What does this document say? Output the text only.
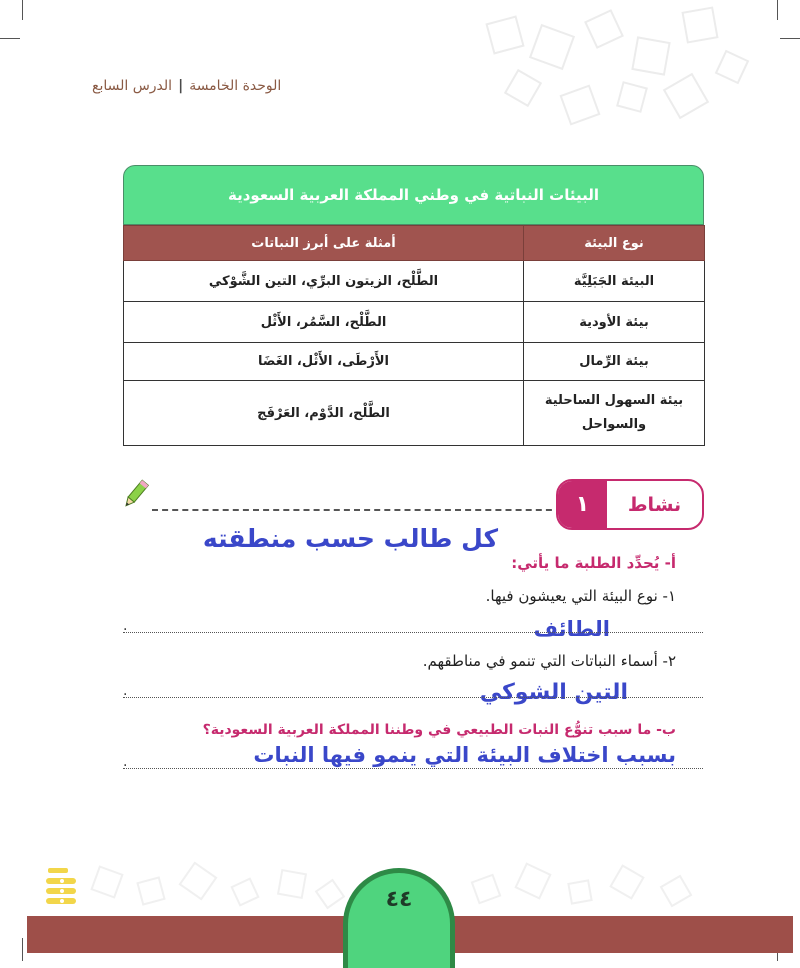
الوحدة الخامسة|الدرس السابع
البيئات النباتية في وطني المملكة العربية السعودية
نوع البيئة	أمثلة على أبرز النباتات
البيئة الجَبَلِيَّة	الطَّلْح، الزيتون البرِّي، التين الشَّوْكي
بيئة الأودية	الطَّلْح، السَّمُر، الأَثْل
بيئة الرِّمال	الأَرْطَى، الأَثْل، الغَضَا

بيئة السهول الساحلية
والسواحل	الطَّلْح، الدَّوْم، العَرْفَج
١	نشاط
كل طالب حسب منطقته
أ- يُحدِّد الطلبة ما يأتي:
١- نوع البيئة التي يعيشون فيها.
الطائف
.
٢- أسماء النباتات التي تنمو في مناطقهم.
التين الشوكي
.
ب- ما سبب تنوُّع النبات الطبيعي في وطننا المملكة العربية السعودية؟
بسبب اختلاف البيئة التي ينمو فيها النبات
.
٤٤
